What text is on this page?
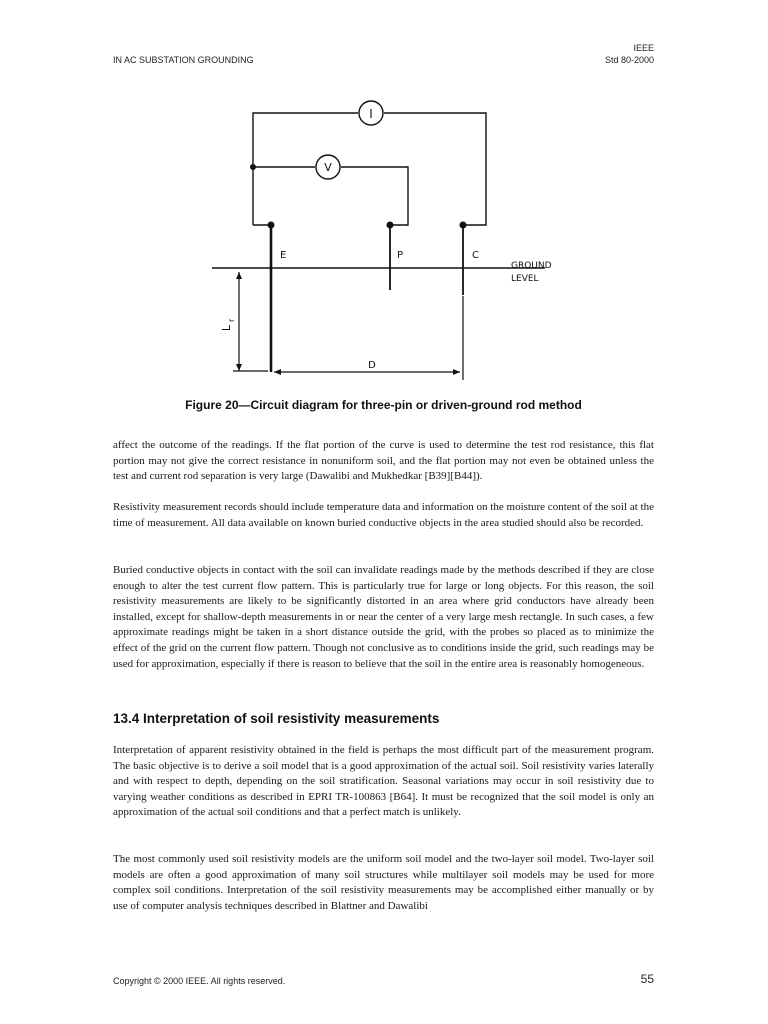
IN AC SUBSTATION GROUNDING
IEEE
Std 80-2000
I
V
E	P	C
GROUND
LEVEL
L
r
D
Figure 20—Circuit diagram for three-pin or driven-ground rod method

affect the outcome of the readings. If the flat portion of the curve is used to determine the test rod resistance, this flat portion may not give the correct resistance in nonuniform soil, and the flat portion may not even be obtained unless the test and current rod separation is very large (Dawalibi and Mukhedkar [B39][B44]).

Resistivity measurement records should include temperature data and information on the moisture content of the soil at the time of measurement. All data available on known buried conductive objects in the area studied should also be recorded.

Buried conductive objects in contact with the soil can invalidate readings made by the methods described if they are close enough to alter the test current flow pattern. This is particularly true for large or long objects. For this reason, the soil resistivity measurements are likely to be significantly distorted in an area where grid conductors have already been installed, except for shallow-depth measurements in or near the center of a very large mesh rectangle. In such cases, a few approximate readings might be taken in a short distance outside the grid, with the probes so placed as to minimize the effect of the grid on the current flow pattern. Though not conclusive as to conditions inside the grid, such readings may be used for approximation, especially if there is reason to believe that the soil in the entire area is reasonably homogeneous.

13.4 Interpretation of soil resistivity measurements

Interpretation of apparent resistivity obtained in the field is perhaps the most difficult part of the measurement program. The basic objective is to derive a soil model that is a good approximation of the actual soil. Soil resistivity varies laterally and with respect to depth, depending on the soil stratification. Seasonal variations may occur in soil resistivity due to varying weather conditions as described in EPRI TR-100863 [B64]. It must be recognized that the soil model is only an approximation of the actual soil conditions and that a perfect match is unlikely.

The most commonly used soil resistivity models are the uniform soil model and the two-layer soil model. Two-layer soil models are often a good approximation of many soil structures while multilayer soil models may be used for more complex soil conditions. Interpretation of the soil resistivity measurements may be accomplished either manually or by use of computer analysis techniques described in Blattner and Dawalibi

Copyright © 2000 IEEE. All rights reserved.	55
